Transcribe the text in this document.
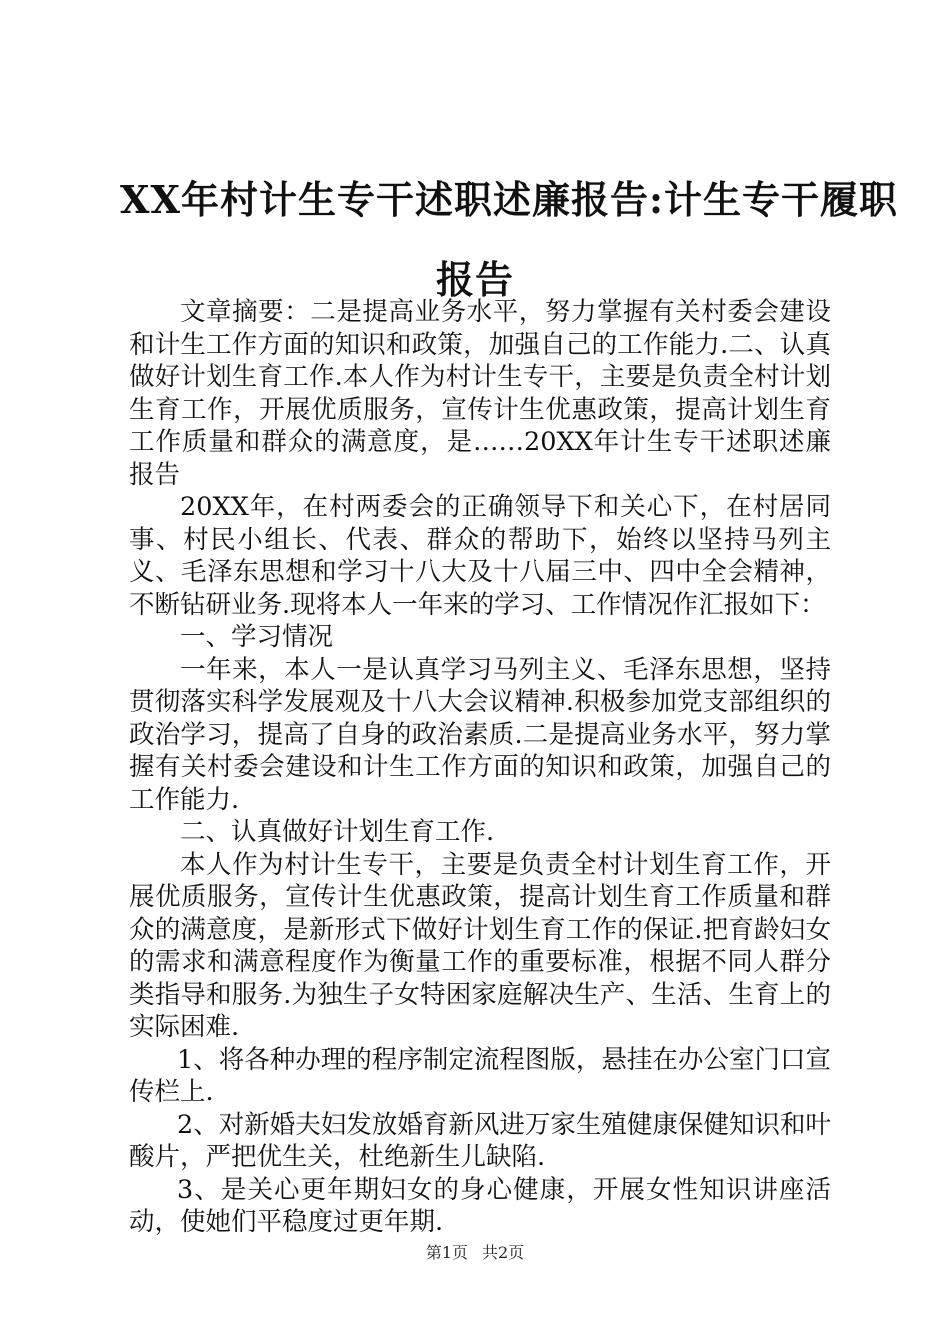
XX年村计生专干述职述廉报告:计生专干履职
报告

文章摘要：二是提高业务水平，努力掌握有关村委会建设和计生工作方面的知识和政策，加强自己的工作能力.二、认真做好计划生育工作.本人作为村计生专干，主要是负责全村计划生育工作，开展优质服务，宣传计生优惠政策，提高计划生育工作质量和群众的满意度，是……20XX年计生专干述职述廉报告

20XX年，在村两委会的正确领导下和关心下，在村居同事、村民小组长、代表、群众的帮助下，始终以坚持马列主义、毛泽东思想和学习十八大及十八届三中、四中全会精神，不断钻研业务.现将本人一年来的学习、工作情况作汇报如下：

一、学习情况

一年来，本人一是认真学习马列主义、毛泽东思想，坚持贯彻落实科学发展观及十八大会议精神.积极参加党支部组织的政治学习，提高了自身的政治素质.二是提高业务水平，努力掌握有关村委会建设和计生工作方面的知识和政策，加强自己的工作能力.

二、认真做好计划生育工作.

本人作为村计生专干，主要是负责全村计划生育工作，开展优质服务，宣传计生优惠政策，提高计划生育工作质量和群众的满意度，是新形式下做好计划生育工作的保证.把育龄妇女的需求和满意程度作为衡量工作的重要标准，根据不同人群分类指导和服务.为独生子女特困家庭解决生产、生活、生育上的实际困难.

1、将各种办理的程序制定流程图版，悬挂在办公室门口宣传栏上.

2、对新婚夫妇发放婚育新风进万家生殖健康保健知识和叶酸片，严把优生关，杜绝新生儿缺陷.

3、是关心更年期妇女的身心健康，开展女性知识讲座活动，使她们平稳度过更年期.

第1页 共2页
